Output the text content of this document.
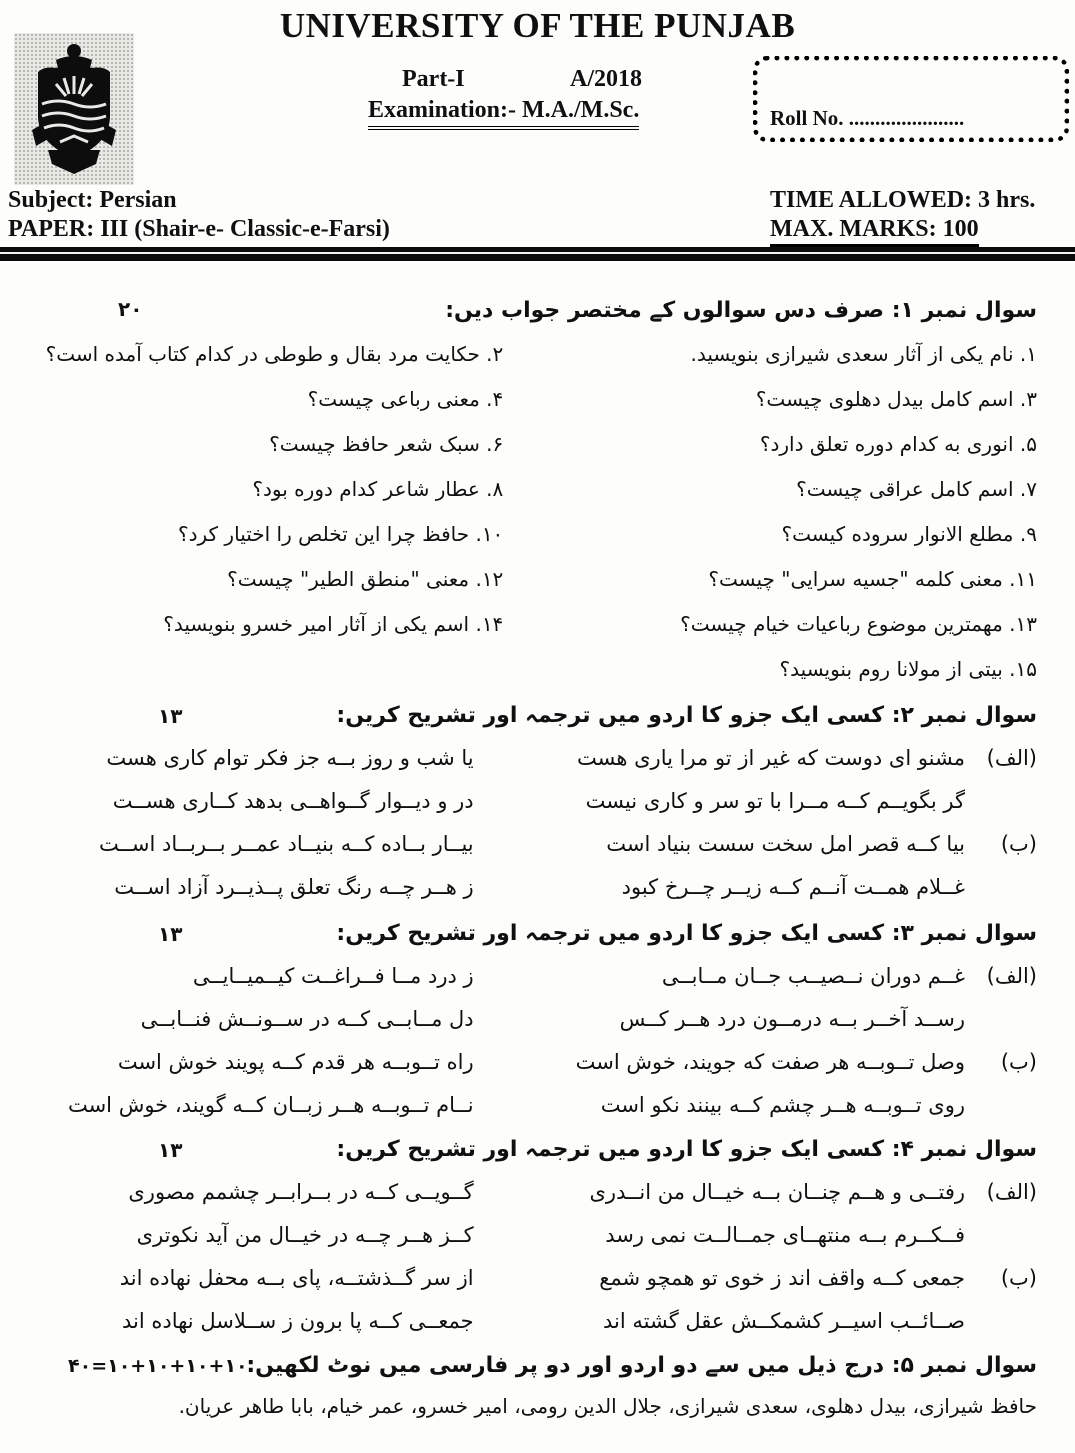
UNIVERSITY OF THE PUNJAB
Part-I	A/2018
Examination:- M.A./M.Sc.	Roll No. ......................
Subject: Persian
PAPER: III (Shair-e- Classic-e-Farsi)
TIME ALLOWED: 3 hrs.
MAX. MARKS: 100
سوال نمبر ۱: صرف دس سوالوں کے مختصر جواب دیں:
۲۰
۱. نام یکی از آثار سعدی شیرازی بنویسید.
۲. حکایت مرد بقال و طوطی در کدام کتاب آمده است؟
۳. اسم کامل بیدل دهلوی چیست؟
۴. معنی رباعی چیست؟
۵. انوری به کدام دوره تعلق دارد؟
۶. سبک شعر حافظ چیست؟
۷. اسم کامل عراقی چیست؟
۸. عطار شاعر کدام دوره بود؟
۹. مطلع الانوار سروده کیست؟
۱۰. حافظ چرا این تخلص را اختیار کرد؟
۱۱. معنی کلمه "جسیه سرایی" چیست؟
۱۲. معنی "منطق الطیر" چیست؟
۱۳. مهمترین موضوع رباعیات خیام چیست؟
۱۴. اسم یکی از آثار امیر خسرو بنویسید؟
۱۵. بیتی از مولانا روم بنویسید؟
سوال نمبر ۲: کسی ایک جزو کا اردو میں ترجمہ اور تشریح کریں:
۱۳
(الف)
مشنو ای دوست که غیر از تو مرا یاری هست
یا شب و روز بــه جز فکر توام کاری هست
گر بگویــم کــه مــرا با تو سر و کاری نیست
در و دیــوار گــواهــی بدهد کــاری هســت
(ب)
بیا کــه قصر امل سخت سست بنیاد است
بیــار بــاده کــه بنیــاد عمــر بــربــاد اســت
غــلام همــت آنــم کــه زیــر چــرخ کبود
ز هــر چــه رنگ تعلق پــذیــرد آزاد اســت
سوال نمبر ۳: کسی ایک جزو کا اردو میں ترجمہ اور تشریح کریں:
۱۳
(الف)
غــم دوران نــصیــب جــان مــابــی
ز درد مــا فــراغــت کیــمیــایــی
رســد آخــر بــه درمــون درد هــر کــس
دل مــابــی کــه در ســونــش فنــابــی
(ب)
وصل تــوبــه هر صفت که جویند، خوش است
راه تــوبــه هر قدم کــه پویند خوش است
روی تــوبــه هــر چشم کــه بینند نکو است
نــام تــوبــه هــر زبــان کــه گویند، خوش است
سوال نمبر ۴: کسی ایک جزو کا اردو میں ترجمہ اور تشریح کریں:
۱۳
(الف)
رفتــی و هــم چنــان بــه خیــال من انــدری
گــویــی کــه در بــرابــر چشمم مصوری
فــکــرم بــه منتهــای جمــالــت نمی رسد
کــز هــر چــه در خیــال من آید نکوتری
(ب)
جمعی کــه واقف اند ز خوی تو همچو شمع
از سر گــذشتــه، پای بــه محفل نهاده اند
صــائــب اسیــر کشمکــش عقل گشته اند
جمعــی کــه پا برون ز ســلاسل نهاده اند
سوال نمبر ۵: درج ذیل میں سے دو اردو اور دو پر فارسی میں نوٹ لکھیں:
۴۰=۱۰+۱۰+۱۰+۱۰
حافظ شیرازی، بیدل دهلوی، سعدی شیرازی، جلال الدین رومی، امیر خسرو، عمر خیام، بابا طاهر عریان.
